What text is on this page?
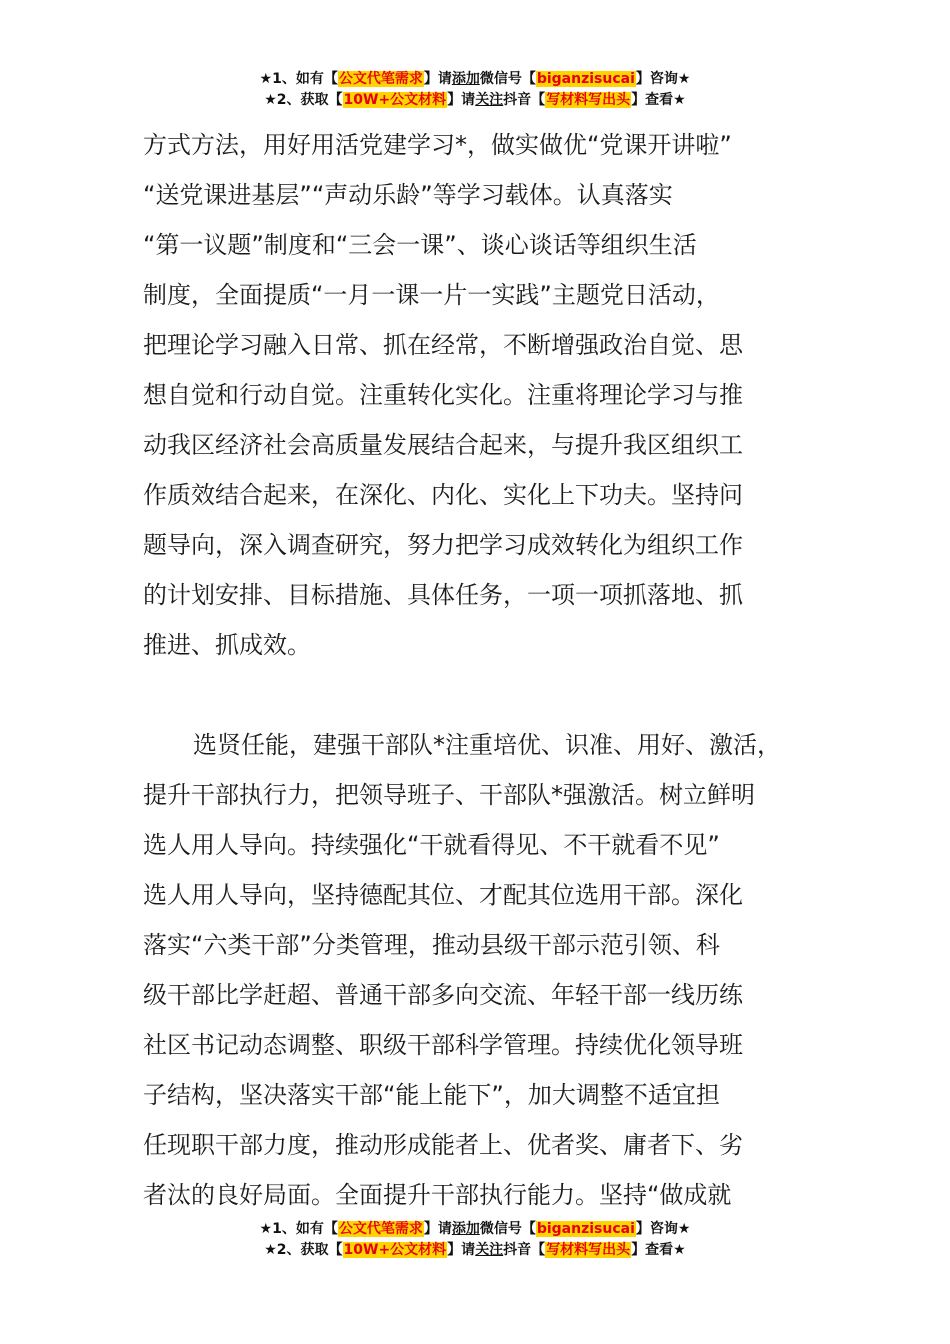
★1、如有【公文代笔需求】请添加微信号【biganzisucai】咨询★
★2、获取【10W+公文材料】请关注抖音【写材料写出头】查看★
方式方法，用好用活党建学习*，做实做优“党课开讲啦”
“送党课进基层”“声动乐龄”等学习载体。认真落实
“第一议题”制度和“三会一课”、谈心谈话等组织生活
制度，全面提质“一月一课一片一实践”主题党日活动，
把理论学习融入日常、抓在经常，不断增强政治自觉、思
想自觉和行动自觉。注重转化实化。注重将理论学习与推
动我区经济社会高质量发展结合起来，与提升我区组织工
作质效结合起来，在深化、内化、实化上下功夫。坚持问
题导向，深入调查研究，努力把学习成效转化为组织工作
的计划安排、目标措施、具体任务，一项一项抓落地、抓
推进、抓成效。
选贤任能，建强干部队*注重培优、识准、用好、激活，
提升干部执行力，把领导班子、干部队*强激活。树立鲜明
选人用人导向。持续强化“干就看得见、不干就看不见”
选人用人导向，坚持德配其位、才配其位选用干部。深化
落实“六类干部”分类管理，推动县级干部示范引领、科
级干部比学赶超、普通干部多向交流、年轻干部一线历练
社区书记动态调整、职级干部科学管理。持续优化领导班
子结构，坚决落实干部“能上能下”，加大调整不适宜担
任现职干部力度，推动形成能者上、优者奖、庸者下、劣
者汰的良好局面。全面提升干部执行能力。坚持“做成就
★1、如有【公文代笔需求】请添加微信号【biganzisucai】咨询★
★2、获取【10W+公文材料】请关注抖音【写材料写出头】查看★
